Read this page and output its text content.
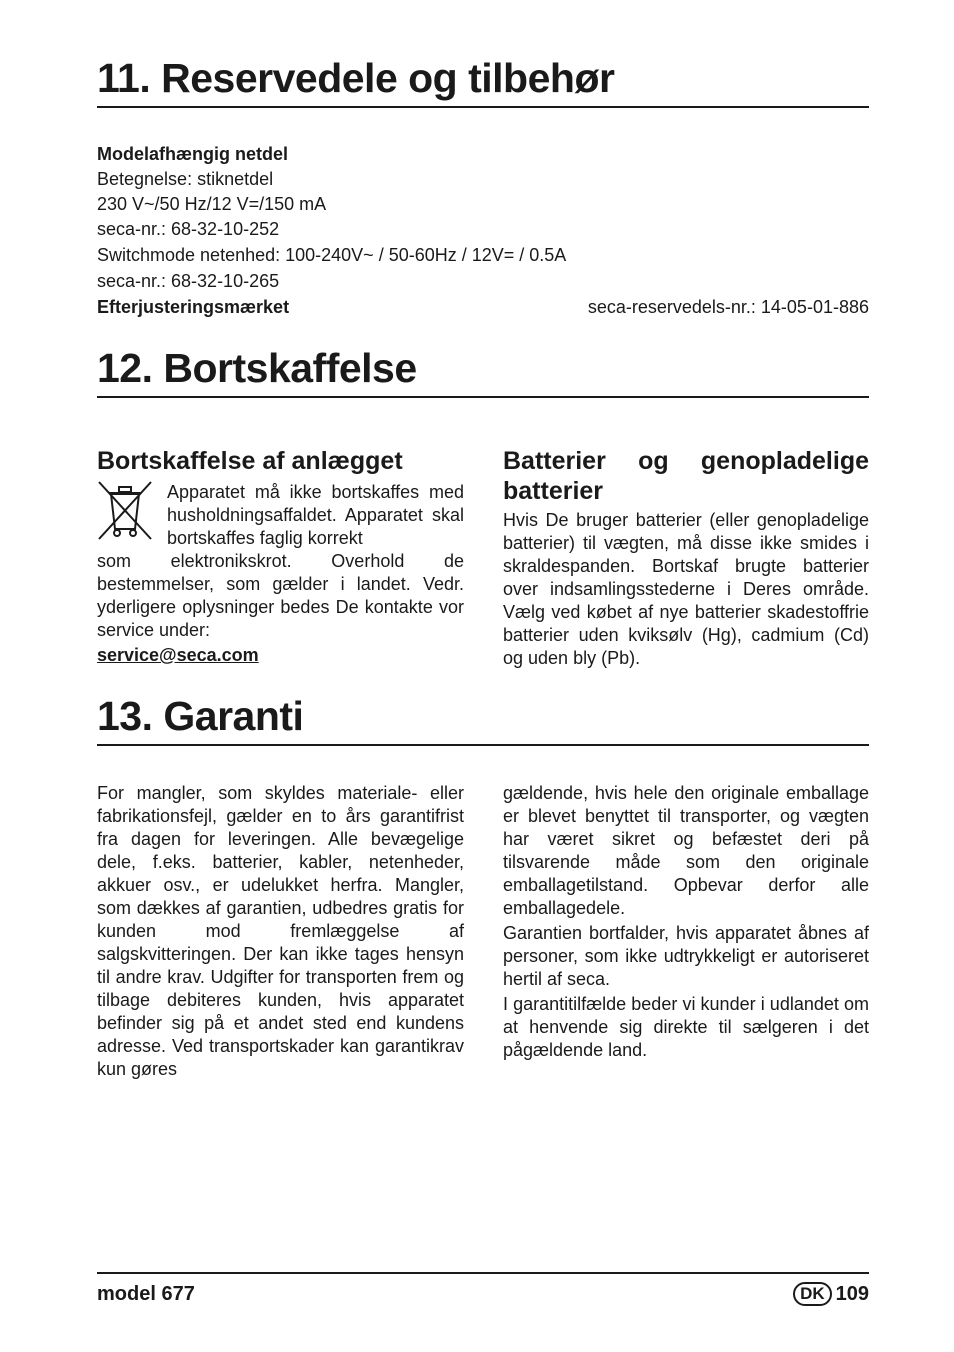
11. Reservedele og tilbehør
Modelafhængig netdel
Betegnelse: stiknetdel
230 V~/50 Hz/12 V=/150 mA
seca-nr.: 68-32-10-252
Switchmode netenhed: 100-240V~ / 50-60Hz / 12V= / 0.5A
seca-nr.: 68-32-10-265
Efterjusteringsmærket	seca-reservedels-nr.: 14-05-01-886
12. Bortskaffelse
Bortskaffelse af anlægget
Apparatet må ikke bortskaffes med husholdningsaffaldet. Apparatet skal bortskaffes faglig korrekt
som elektronikskrot. Overhold de bestemmelser, som gælder i landet. Vedr. yderligere oplysninger bedes De kontakte vor service under:
service@seca.com
Batterier og genopladelige batterier
Hvis De bruger batterier (eller genopladelige batterier) til vægten, må disse ikke smides i skraldespanden. Bortskaf brugte batterier over indsamlingsstederne i Deres område. Vælg ved købet af nye batterier skadestoffrie batterier uden kviksølv (Hg), cadmium (Cd) og uden bly (Pb).
13. Garanti
For mangler, som skyldes materiale- eller fabrikationsfejl, gælder en to års garantifrist fra dagen for leveringen. Alle bevægelige dele, f.eks. batterier, kabler, netenheder, akkuer osv., er udelukket herfra. Mangler, som dækkes af garantien, udbedres gratis for kunden mod fremlæggelse af salgskvitteringen. Der kan ikke tages hensyn til andre krav. Udgifter for transporten frem og tilbage debiteres kunden, hvis apparatet befinder sig på et andet sted end kundens adresse. Ved transportskader kan garantikrav kun gøres
gældende, hvis hele den originale emballage er blevet benyttet til transporter, og vægten har været sikret og befæstet deri på tilsvarende måde som den originale emballagetilstand. Opbevar derfor alle emballagedele.
Garantien bortfalder, hvis apparatet åbnes af personer, som ikke udtrykkeligt er autoriseret hertil af seca.
I garantitilfælde beder vi kunder i udlandet om at henvende sig direkte til sælgeren i det pågældende land.
model 677	DK 109
